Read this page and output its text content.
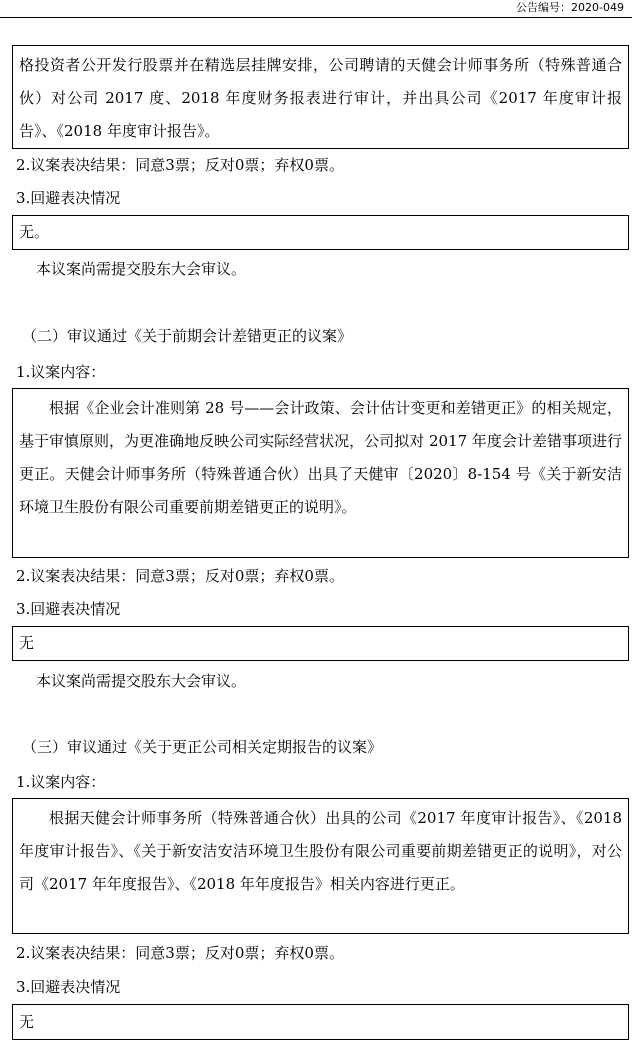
公告编号：2020-049

格投资者公开发行股票并在精选层挂牌安排，公司聘请的天健会计师事务所（特殊普通合伙）对公司 2017 度、2018 年度财务报表进行审计，并出具公司《2017 年度审计报告》、《2018 年度审计报告》。

2.议案表决结果：同意3票；反对0票；弃权0票。
3.回避表决情况

无。

本议案尚需提交股东大会审议。
（二）审议通过《关于前期会计差错更正的议案》
1.议案内容：

根据《企业会计准则第 28 号——会计政策、会计估计变更和差错更正》的相关规定，基于审慎原则，为更准确地反映公司实际经营状况，公司拟对 2017 年度会计差错事项进行更正。天健会计师事务所（特殊普通合伙）出具了天健审〔2020〕8-154 号《关于新安洁环境卫生股份有限公司重要前期差错更正的说明》。

2.议案表决结果：同意3票；反对0票；弃权0票。
3.回避表决情况

无

本议案尚需提交股东大会审议。
（三）审议通过《关于更正公司相关定期报告的议案》
1.议案内容：

根据天健会计师事务所（特殊普通合伙）出具的公司《2017 年度审计报告》、《2018 年度审计报告》、《关于新安洁安洁环境卫生股份有限公司重要前期差错更正的说明》，对公司《2017 年年度报告》、《2018 年年度报告》相关内容进行更正。

2.议案表决结果：同意3票；反对0票；弃权0票。
3.回避表决情况

无
